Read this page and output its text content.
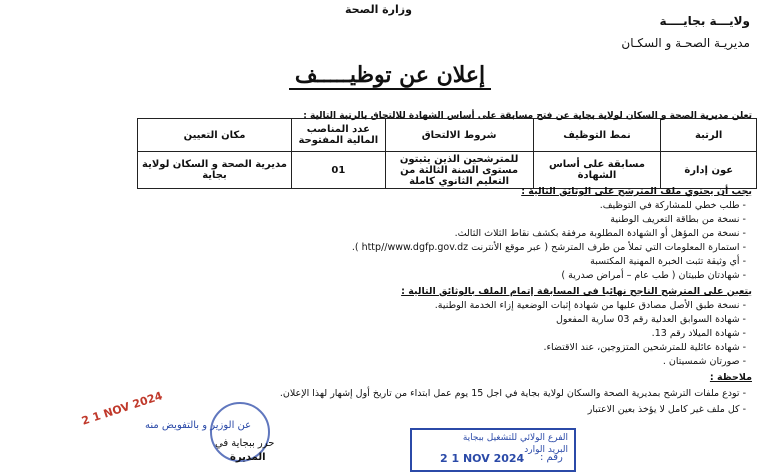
ولايـــة بجايــــة
مديريـة الصحـة و السكـان
وزارة الصحة
إعلان عن توظيـــــف
تعلن مديرية الصحة و السكان لولاية بجاية عن فتح مسابقة على أساس الشهادة للالتحاق بالرتبة التالية :
الرتبة	نمط التوظيف	شروط الالتحاق	عدد المناصب المالية المفتوحة	مكان التعيين
عون إدارة	مسابقة على أساس الشهادة	للمترشحين الذين يثبتون مستوى السنة الثالثة من التعليم الثانوي كاملة	01	مديرية الصحة و السكان لولاية بجاية
يجب أن يحتوي ملف المترشح على الوثائق التالية :
- طلب خطي للمشاركة في التوظيف.
- نسخة من بطاقة التعريف الوطنية
- نسخة من المؤهل أو الشهادة المطلوبة مرفقة بكشف نقاط الثلاث الثالث.
- استمارة المعلومات التي تملأ من طرف المترشح ( عبر موقع الأنترنت http//www.dgfp.gov.dz ).
- أي وثيقة تثبت الخبرة المهنية المكتسبة
- شهادتان طبيتان ( طب عام – أمراض صدرية )
يتعين على المترشح الناجح نهائيا في المسابقة إتمام الملف بالوثائق التالية :
- نسخة طبق الأصل مصادق عليها من شهادة إثبات الوضعية إزاء الخدمة الوطنية.
- شهادة السوابق العدلية رقم 03 سارية المفعول
- شهادة الميلاد رقم 13.
- شهادة عائلية للمترشحين المتزوجين، عند الاقتضاء.
- صورتان شمسيتان .
ملاحظة :
- تودع ملفات الترشح بمديرية الصحة والسكان لولاية بجاية في اجل 15 يوم عمل ابتداء من تاريخ أول إشهار لهذا الإعلان.
- كل ملف غير كامل لا يؤخذ بعين الاعتبار
2 1 NOV 2024
عن الوزير و بالتفويض منه
حرر ببجاية في
المديرة
الفرع الولائي للتشغيل ببجاية
البريد الوارد
2 1 NOV 2024 رقم :
